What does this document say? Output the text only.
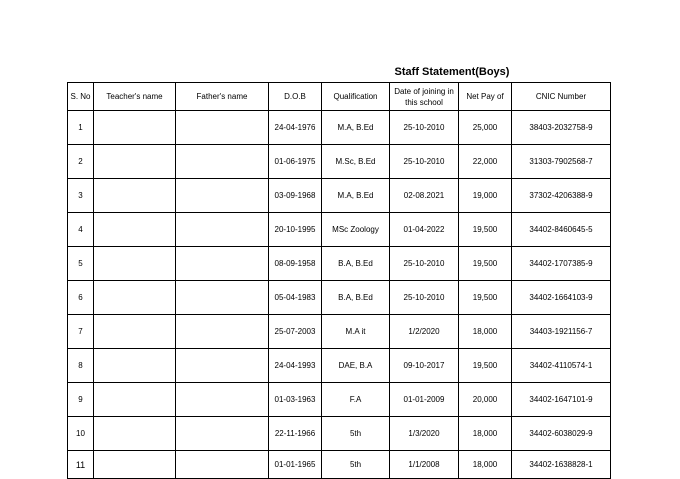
Staff Statement(Boys)
S. No	Teacher's name	Father's name	D.O.B	Qualification	Date of joining in this school	Net Pay of	CNIC Number
1			24-04-1976	M.A, B.Ed	25-10-2010	25,000	38403-2032758-9
2			01-06-1975	M.Sc, B.Ed	25-10-2010	22,000	31303-7902568-7
3			03-09-1968	M.A, B.Ed	02-08.2021	19,000	37302-4206388-9
4			20-10-1995	MSc Zoology	01-04-2022	19,500	34402-8460645-5
5			08-09-1958	B.A, B.Ed	25-10-2010	19,500	34402-1707385-9
6			05-04-1983	B.A, B.Ed	25-10-2010	19,500	34402-1664103-9
7			25-07-2003	M.A it	1/2/2020	18,000	34403-1921156-7
8			24-04-1993	DAE, B.A	09-10-2017	19,500	34402-4110574-1
9			01-03-1963	F.A	01-01-2009	20,000	34402-1647101-9
10			22-11-1966	5th	1/3/2020	18,000	34402-6038029-9
11			01-01-1965	5th	1/1/2008	18,000	34402-1638828-1
